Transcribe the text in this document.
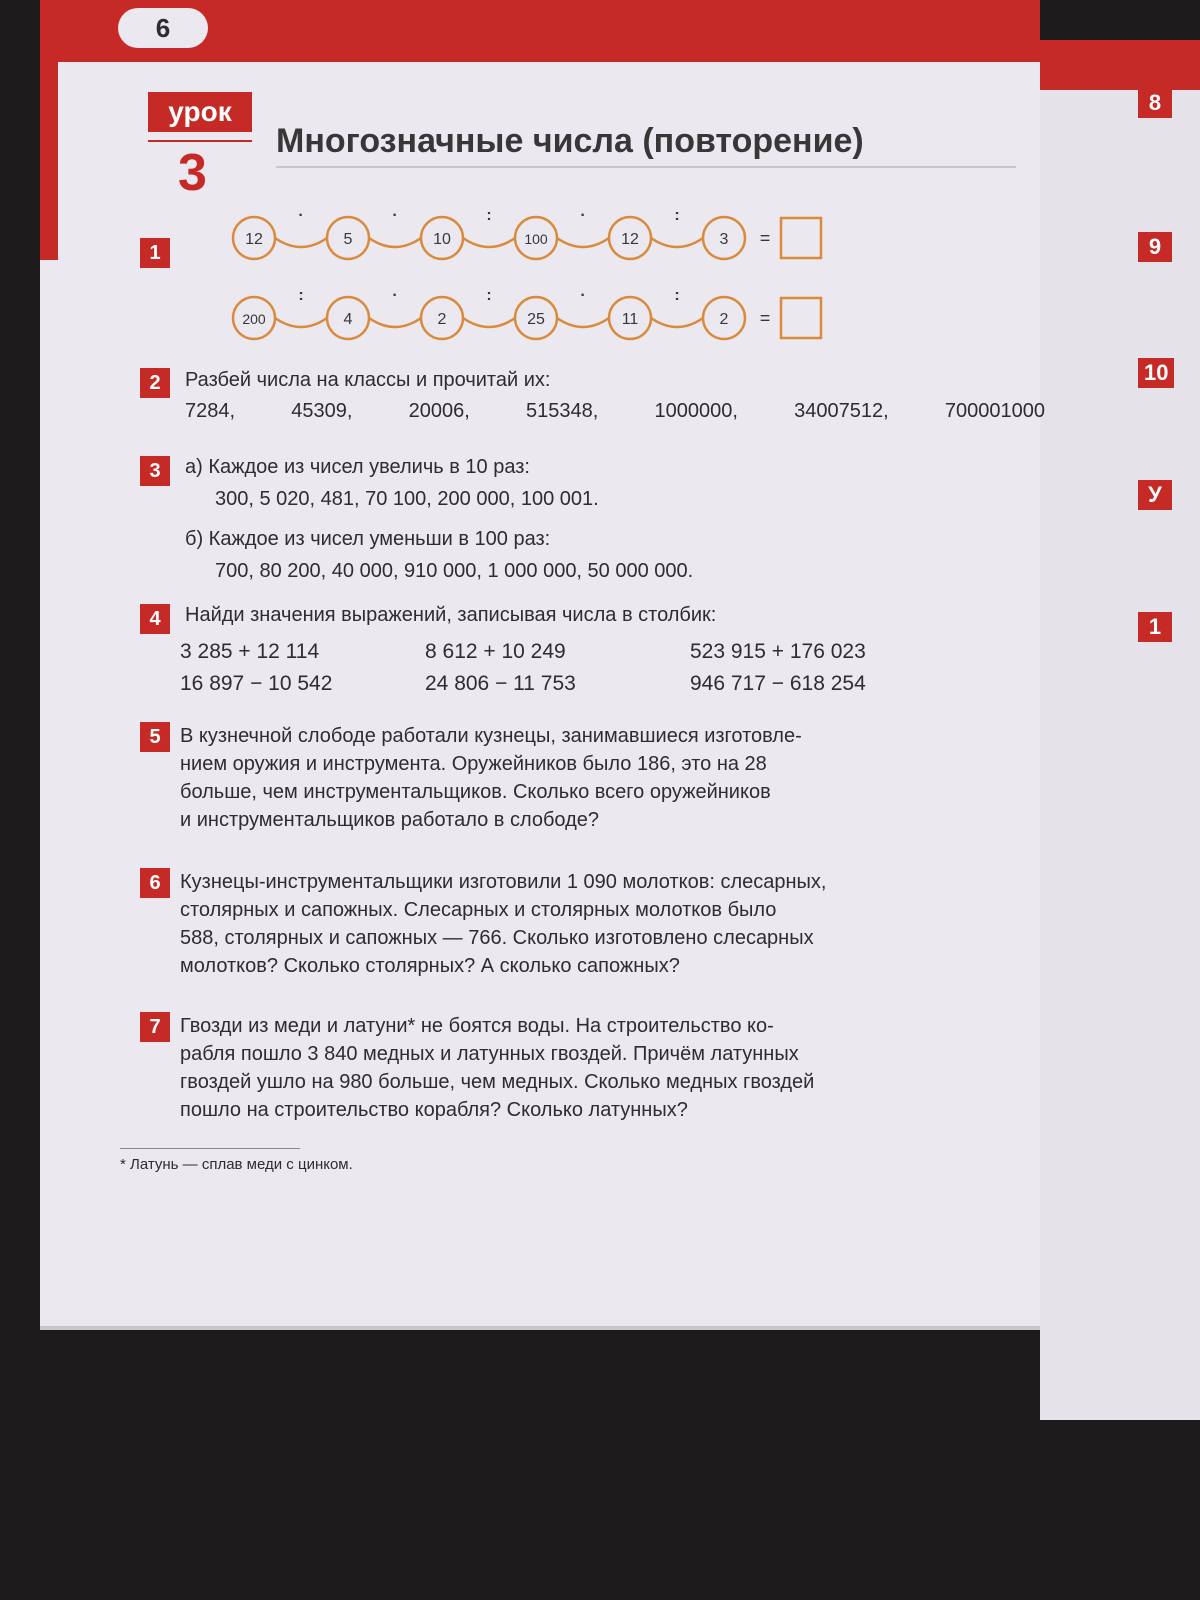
8
9
10
У
1
6
урок
3
Многозначные числа (повторение)
1
·	·	:	·	:
12	5	10	100	12	3 =
:	·	:	·	:
200	4	2	25	11	2 =
2	Разбей числа на классы и прочитай их:
7284,	45309,	20006,	515348,	1000000,	34007512,	700001000
3	а) Каждое из чисел увеличь в 10 раз:
300, 5 020, 481, 70 100, 200 000, 100 001.
б) Каждое из чисел уменьши в 100 раз:
700, 80 200, 40 000, 910 000, 1 000 000, 50 000 000.
4	Найди значения выражений, записывая числа в столбик:
3 285 + 12 114	8 612 + 10 249	523 915 + 176 023
16 897 − 10 542	24 806 − 11 753	946 717 − 618 254
5 В кузнечной слободе работали кузнецы, занимавшиеся изготовле-
нием оружия и инструмента. Оружейников было 186, это на 28
больше, чем инструментальщиков. Сколько всего оружейников
и инструментальщиков работало в слободе?
6 Кузнецы-инструментальщики изготовили 1 090 молотков: слесарных,
столярных и сапожных. Слесарных и столярных молотков было
588, столярных и сапожных — 766. Сколько изготовлено слесарных
молотков? Сколько столярных? А сколько сапожных?
7 Гвозди из меди и латуни* не боятся воды. На строительство ко-
рабля пошло 3 840 медных и латунных гвоздей. Причём латунных
гвоздей ушло на 980 больше, чем медных. Сколько медных гвоздей
пошло на строительство корабля? Сколько латунных?
* Латунь — сплав меди с цинком.
